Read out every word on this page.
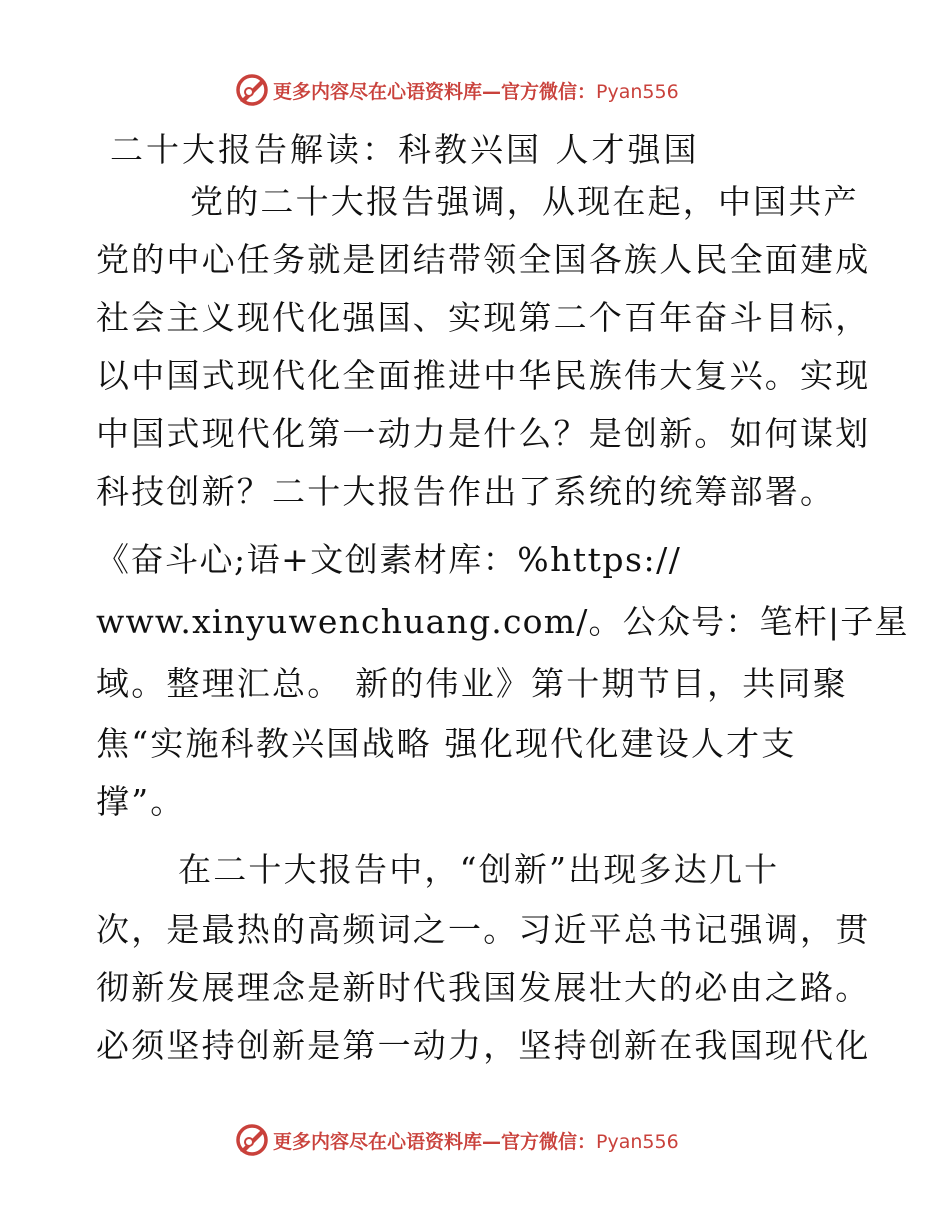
更多内容尽在心语资料库—官方微信：Pyan556
二十大报告解读：科教兴国 人才强国
党的二十大报告强调，从现在起，中国共产
党的中心任务就是团结带领全国各族人民全面建成
社会主义现代化强国、实现第二个百年奋斗目标，
以中国式现代化全面推进中华民族伟大复兴。实现
中国式现代化第一动力是什么？是创新。如何谋划
科技创新？二十大报告作出了系统的统筹部署。
《奋斗心;语+文创素材库：%https://
www.xinyuwenchuang.com/。公众号：笔杆|子星
域。整理汇总。 新的伟业》第十期节目，共同聚
焦“实施科教兴国战略 强化现代化建设人才支
撑”。
在二十大报告中，“创新”出现多达几十
次，是最热的高频词之一。习近平总书记强调，贯
彻新发展理念是新时代我国发展壮大的必由之路。
必须坚持创新是第一动力，坚持创新在我国现代化
更多内容尽在心语资料库—官方微信：Pyan556
